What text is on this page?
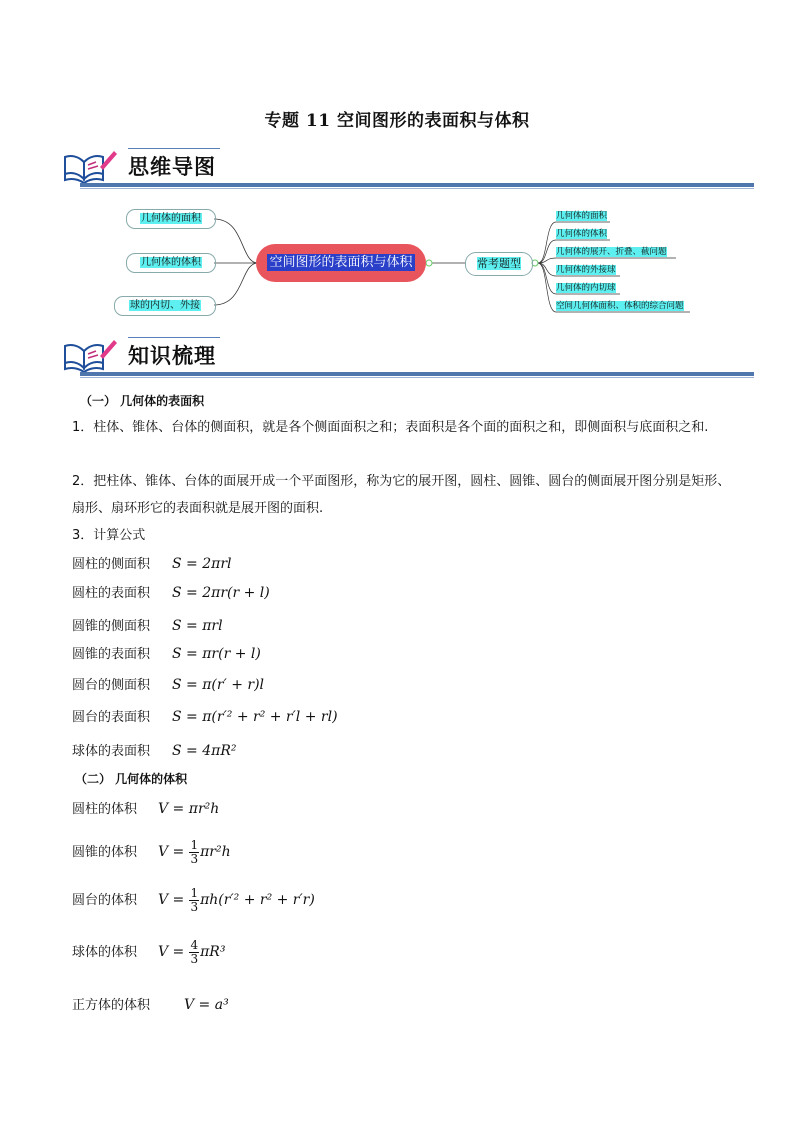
专题 11 空间图形的表面积与体积
思维导图
几何体的面积
几何体的体积
球的内切、外接
空间图形的表面积与体积	常考题型
几何体的面积
几何体的体积
几何体的展开、折叠、截问题
几何体的外接球
几何体的内切球
空间几何体面积、体积的综合问题
知识梳理
（一） 几何体的表面积
1．柱体、锥体、台体的侧面积，就是各个侧面面积之和；表面积是各个面的面积之和，即侧面积与底面积之和.
2．把柱体、锥体、台体的面展开成一个平面图形，称为它的展开图，圆柱、圆锥、圆台的侧面展开图分别是矩形、扇形、扇环形它的表面积就是展开图的面积.
3．计算公式
圆柱的侧面积 S = 2πrl
圆柱的表面积 S = 2πr(r + l)
圆锥的侧面积 S = πrl
圆锥的表面积 S = πr(r + l)
圆台的侧面积 S = π(r′ + r)l
圆台的表面积 S = π(r′² + r² + r′l + rl)
球体的表面积 S = 4πR²
（二） 几何体的体积
圆柱的体积 V = πr²h
圆锥的体积 $V = \frac{1}{3} \pi r^2h$
圆台的体积 $V = \frac{1}{3} \pi h(r'^2 + r^2 + r'r)$
球体的体积 $V = \frac{4}{3} \pi R^3$
正方体的体积 V = a³
